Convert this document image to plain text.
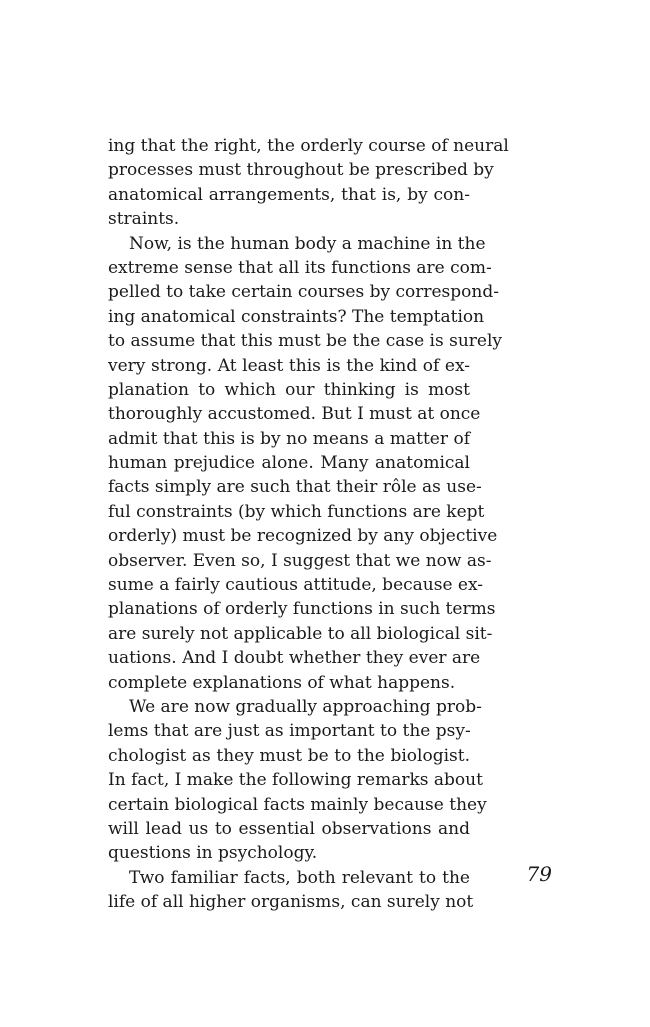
ing that the right, the orderly course of neural
processes must throughout be prescribed by
anatomical arrangements, that is, by con-
straints.
Now, is the human body a machine in the
extreme sense that all its functions are com-
pelled to take certain courses by correspond-
ing anatomical constraints? The temptation
to assume that this must be the case is surely
very strong. At least this is the kind of ex-
planation to which our thinking is most
thoroughly accustomed. But I must at once
admit that this is by no means a matter of
human prejudice alone. Many anatomical
facts simply are such that their rôle as use-
ful constraints (by which functions are kept
orderly) must be recognized by any objective
observer. Even so, I suggest that we now as-
sume a fairly cautious attitude, because ex-
planations of orderly functions in such terms
are surely not applicable to all biological sit-
uations. And I doubt whether they ever are
complete explanations of what happens.
We are now gradually approaching prob-
lems that are just as important to the psy-
chologist as they must be to the biologist.
In fact, I make the following remarks about
certain biological facts mainly because they
will lead us to essential observations and
questions in psychology.
Two familiar facts, both relevant to the
life of all higher organisms, can surely not
79
